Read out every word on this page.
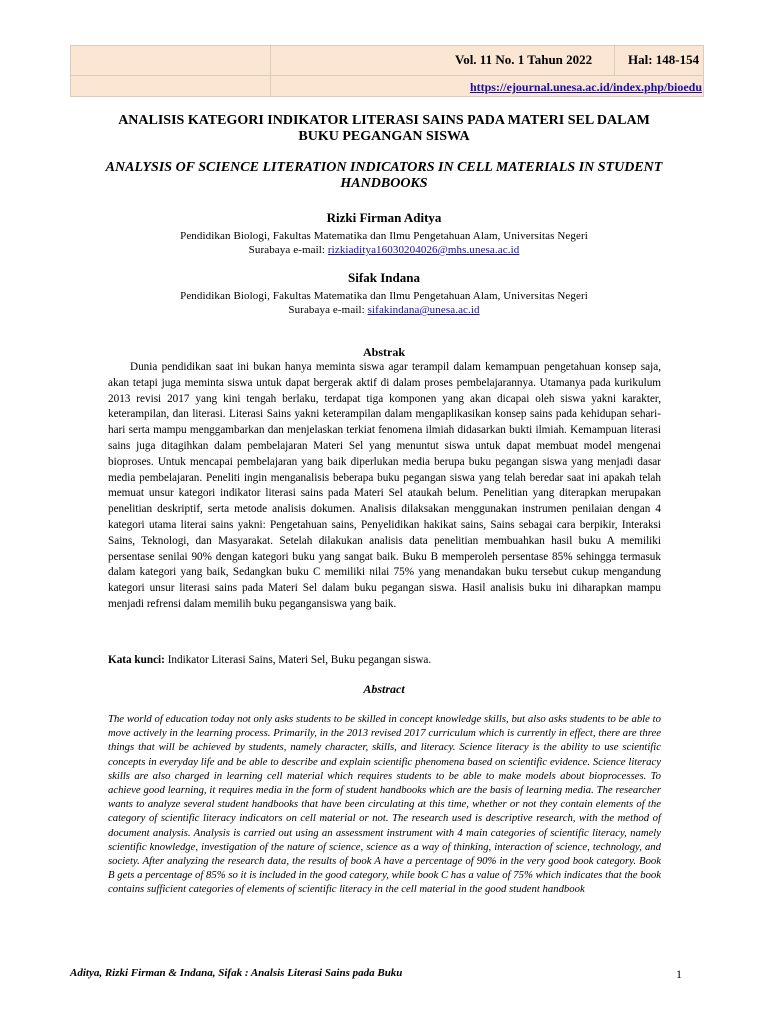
Vol. 11 No. 1 Tahun 2022	Hal: 148-154
https://ejournal.unesa.ac.id/index.php/bioedu
ANALISIS KATEGORI INDIKATOR LITERASI SAINS PADA MATERI SEL DALAM BUKU PEGANGAN SISWA
ANALYSIS OF SCIENCE LITERATION INDICATORS IN CELL MATERIALS IN STUDENT HANDBOOKS
Rizki Firman Aditya
Pendidikan Biologi, Fakultas Matematika dan Ilmu Pengetahuan Alam, Universitas Negeri
Surabaya e-mail: rizkiaditya16030204026@mhs.unesa.ac.id
Sifak Indana
Pendidikan Biologi, Fakultas Matematika dan Ilmu Pengetahuan Alam, Universitas Negeri
Surabaya e-mail: sifakindana@unesa.ac.id
Abstrak
Dunia pendidikan saat ini bukan hanya meminta siswa agar terampil dalam kemampuan pengetahuan konsep saja, akan tetapi juga meminta siswa untuk dapat bergerak aktif di dalam proses pembelajarannya. Utamanya pada kurikulum 2013 revisi 2017 yang kini tengah berlaku, terdapat tiga komponen yang akan dicapai oleh siswa yakni karakter, keterampilan, dan literasi. Literasi Sains yakni keterampilan dalam mengaplikasikan konsep sains pada kehidupan sehari-hari serta mampu menggambarkan dan menjelaskan terkiat fenomena ilmiah didasarkan bukti ilmiah. Kemampuan literasi sains juga ditagihkan dalam pembelajaran Materi Sel yang menuntut siswa untuk dapat membuat model mengenai bioproses. Untuk mencapai pembelajaran yang baik diperlukan media berupa buku pegangan siswa yang menjadi dasar media pembelajaran. Peneliti ingin menganalisis beberapa buku pegangan siswa yang telah beredar saat ini apakah telah memuat unsur kategori indikator literasi sains pada Materi Sel ataukah belum. Penelitian yang diterapkan merupakan penelitian deskriptif, serta metode analisis dokumen. Analisis dilaksakan menggunakan instrumen penilaian dengan 4 kategori utama literai sains yakni: Pengetahuan sains, Penyelidikan hakikat sains, Sains sebagai cara berpikir, Interaksi Sains, Teknologi, dan Masyarakat. Setelah dilakukan analisis data penelitian membuahkan hasil buku A memiliki persentase senilai 90% dengan kategori buku yang sangat baik. Buku B memperoleh persentase 85% sehingga termasuk dalam kategori yang baik, Sedangkan buku C memiliki nilai 75% yang menandakan buku tersebut cukup mengandung kategori unsur literasi sains pada Materi Sel dalam buku pegangan siswa. Hasil analisis buku ini diharapkan mampu menjadi refrensi dalam memilih buku pegangansiswa yang baik.
Kata kunci: Indikator Literasi Sains, Materi Sel, Buku pegangan siswa.
Abstract
The world of education today not only asks students to be skilled in concept knowledge skills, but also asks students to be able to move actively in the learning process. Primarily, in the 2013 revised 2017 curriculum which is currently in effect, there are three things that will be achieved by students, namely character, skills, and literacy. Science literacy is the ability to use scientific concepts in everyday life and be able to describe and explain scientific phenomena based on scientific evidence. Science literacy skills are also charged in learning cell material which requires students to be able to make models about bioprocesses. To achieve good learning, it requires media in the form of student handbooks which are the basis of learning media. The researcher wants to analyze several student handbooks that have been circulating at this time, whether or not they contain elements of the category of scientific literacy indicators on cell material or not. The research used is descriptive research, with the method of document analysis. Analysis is carried out using an assessment instrument with 4 main categories of scientific literacy, namely scientific knowledge, investigation of the nature of science, science as a way of thinking, interaction of science, technology, and society. After analyzing the research data, the results of book A have a percentage of 90% in the very good book category. Book B gets a percentage of 85% so it is included in the good category, while book C has a value of 75% which indicates that the book contains sufficient categories of elements of scientific literacy in the cell material in the good student handbook
Aditya, Rizki Firman & Indana, Sifak : Analsis Literasi Sains pada Buku	1
